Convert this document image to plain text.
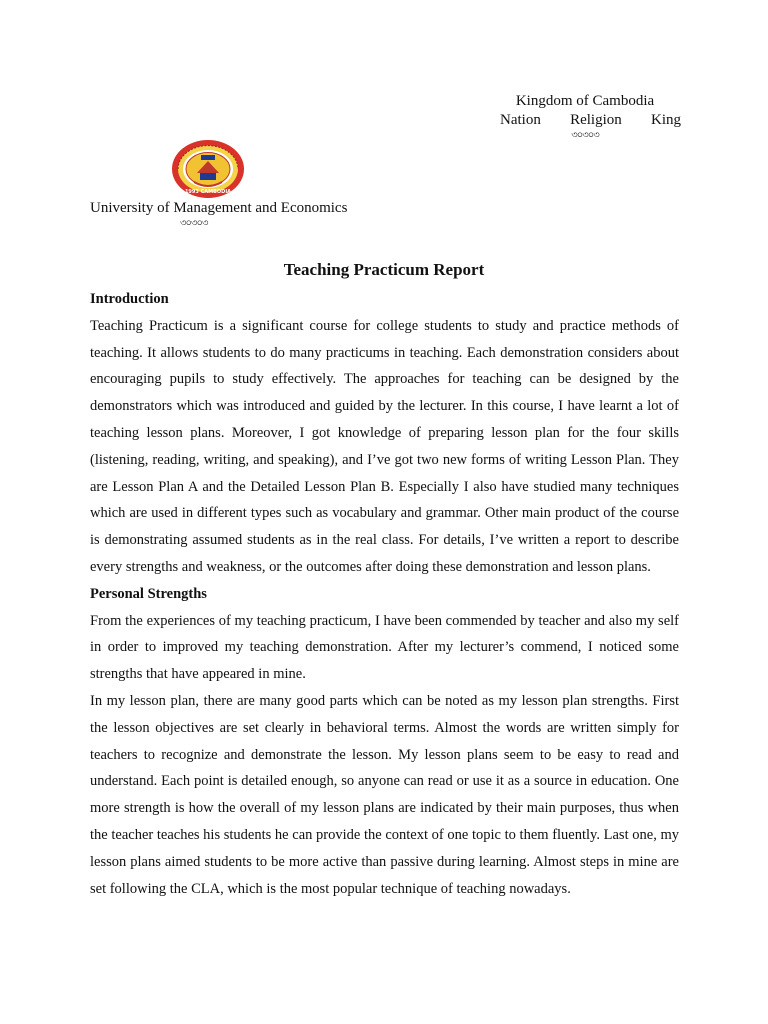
Kingdom of Cambodia
Nation   Religion   King
৩০৩০৩
1993 CAMBODIA
University of Management and Economics
৩০৩০৩
Teaching Practicum Report

Introduction

Teaching Practicum is a significant course for college students to study and practice methods of teaching. It allows students to do many practicums in teaching. Each demonstration considers about encouraging pupils to study effectively. The approaches for teaching can be designed by the demonstrators which was introduced and guided by the lecturer. In this course, I have learnt a lot of teaching lesson plans. Moreover, I got knowledge of preparing lesson plan for the four skills (listening, reading, writing, and speaking), and I’ve got two new forms of writing Lesson Plan. They are Lesson Plan A and the Detailed Lesson Plan B. Especially I also have studied many techniques which are used in different types such as vocabulary and grammar. Other main product of the course is demonstrating assumed students as in the real class. For details, I’ve written a report to describe every strengths and weakness, or the outcomes after doing these demonstration and lesson plans.

Personal Strengths

From the experiences of my teaching practicum, I have been commended by teacher and also my self in order to improved my teaching demonstration. After my lecturer’s commend, I noticed some strengths that have appeared in mine.

In my lesson plan, there are many good parts which can be noted as my lesson plan strengths. First the lesson objectives are set clearly in behavioral terms. Almost the words are written simply for teachers to recognize and demonstrate the lesson. My lesson plans seem to be easy to read and understand. Each point is detailed enough, so anyone can read or use it as a source in education. One more strength is how the overall of my lesson plans are indicated by their main purposes, thus when the teacher teaches his students he can provide the context of one topic to them fluently. Last one, my lesson plans aimed students to be more active than passive during learning. Almost steps in mine are set following the CLA, which is the most popular technique of teaching nowadays.
